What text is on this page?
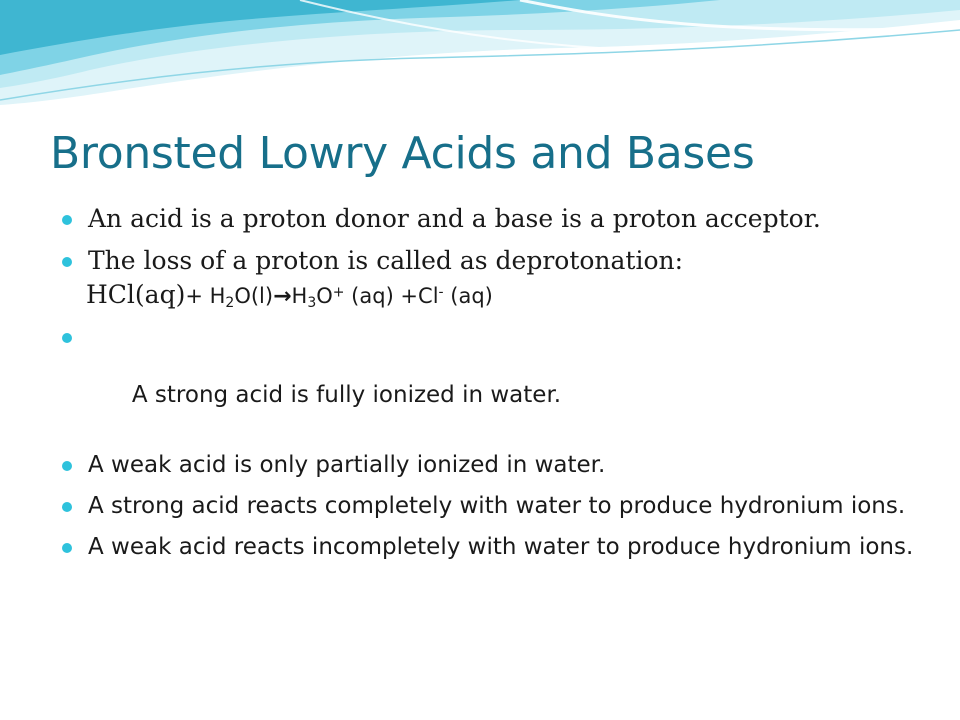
Bronsted Lowry Acids and Bases
An acid is a proton donor and a base is a proton acceptor.
The loss of a proton is called as deprotonation:
$HCl(aq)+ H_2O(l)\to H_3O^+$ (aq) +Cl- (aq)

A strong acid is fully ionized in water.

A weak acid is only partially ionized in water.
A strong acid reacts completely with water to produce hydronium ions.
A weak acid reacts incompletely with water to produce hydronium ions.
